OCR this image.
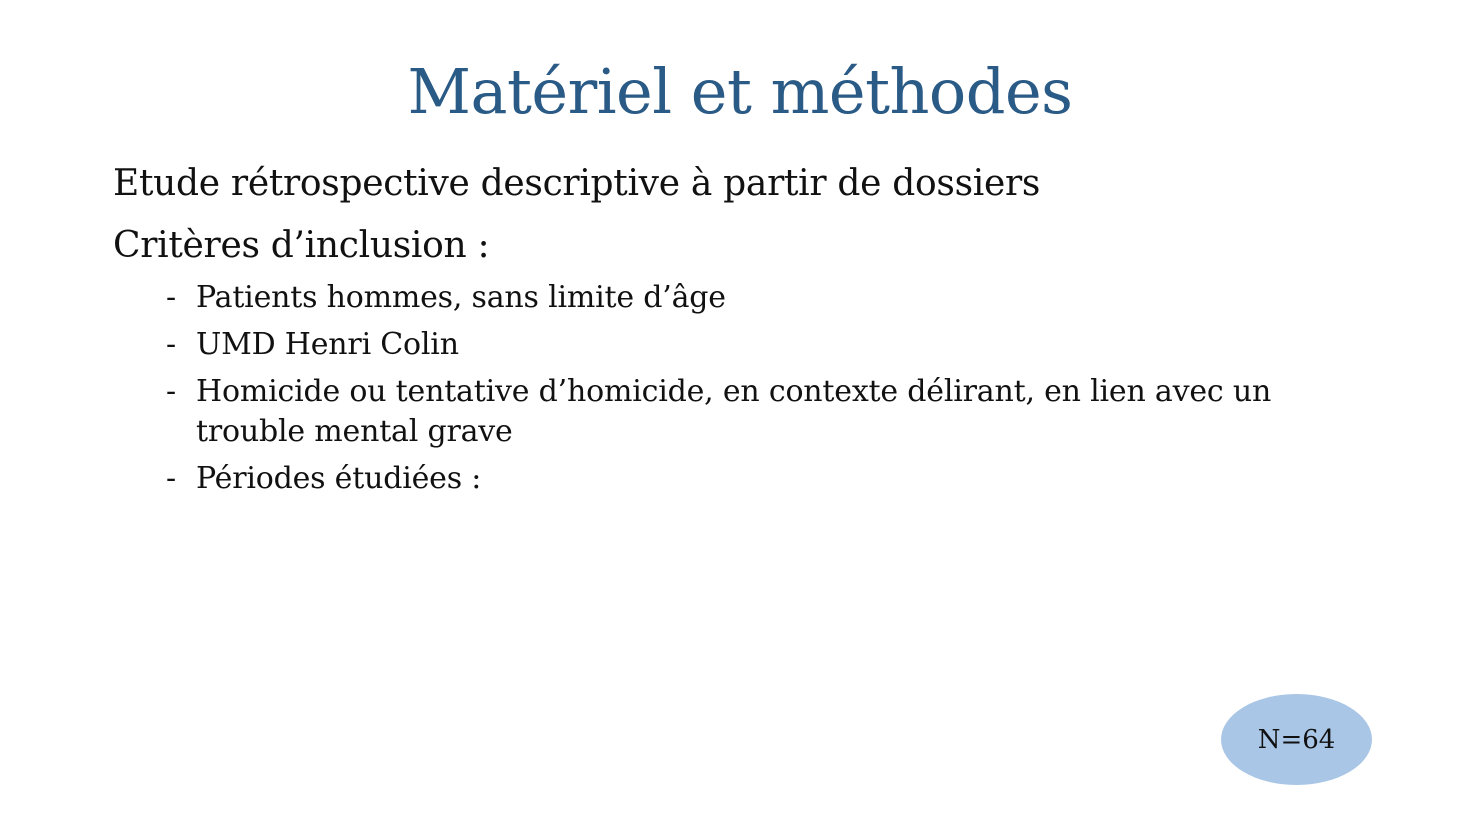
Matériel et méthodes

Etude rétrospective descriptive à partir de dossiers

Critères d’inclusion :

- Patients hommes, sans limite d’âge
- UMD Henri Colin
- Homicide ou tentative d’homicide, en contexte délirant, en lien avec un trouble mental grave
- Périodes étudiées :
N=64
